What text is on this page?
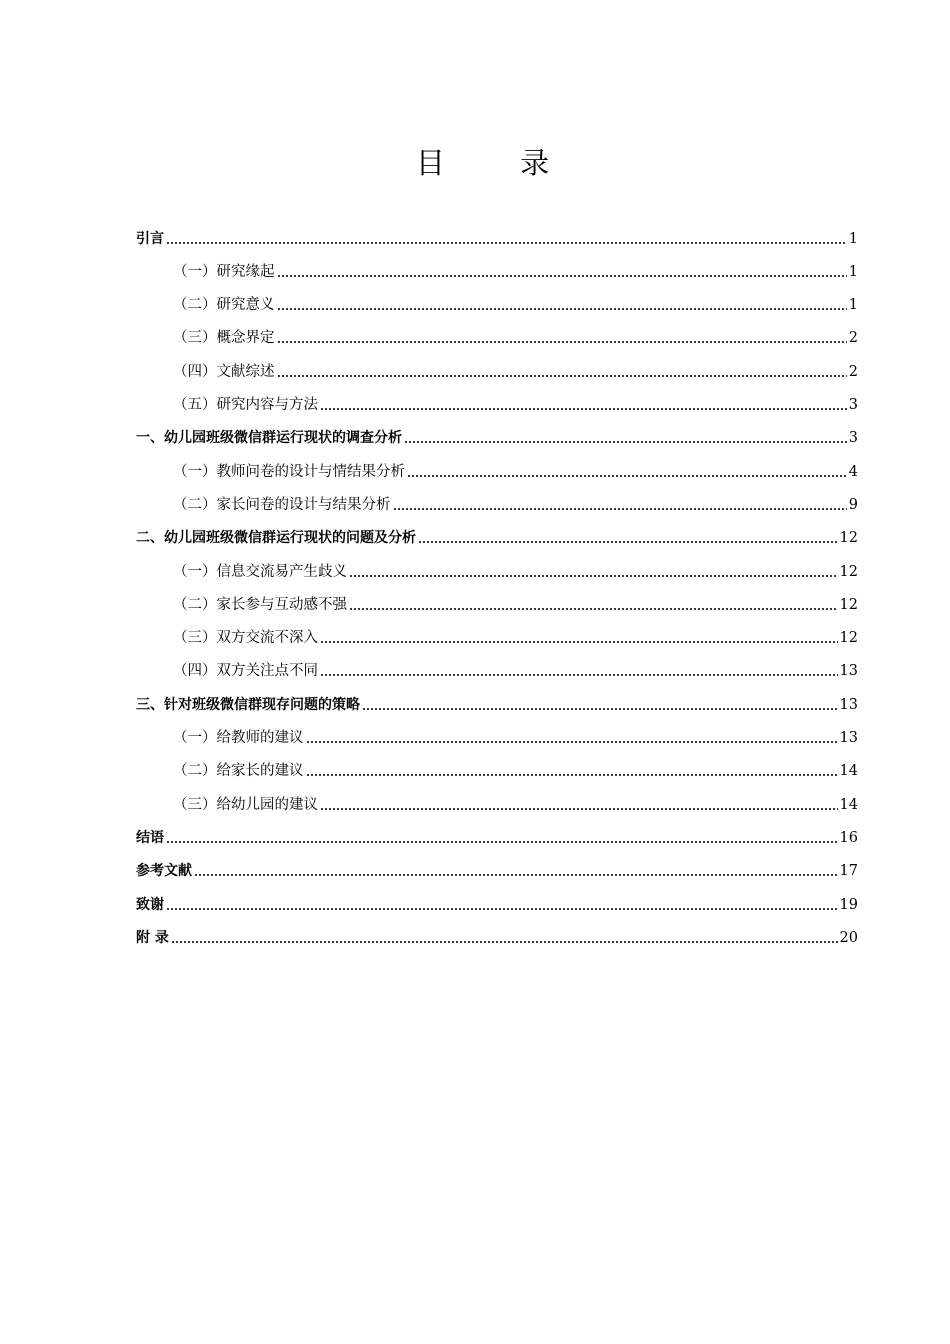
目 录
引言	1
（一）研究缘起	1
（二）研究意义	1
（三）概念界定	2
（四）文献综述	2
（五）研究内容与方法	3
一、幼儿园班级微信群运行现状的调查分析	3
（一）教师问卷的设计与情结果分析	4
（二）家长问卷的设计与结果分析	9
二、幼儿园班级微信群运行现状的问题及分析	12
（一）信息交流易产生歧义	12
（二）家长参与互动感不强	12
（三）双方交流不深入	12
（四）双方关注点不同	13
三、针对班级微信群现存问题的策略	13
（一）给教师的建议	13
（二）给家长的建议	14
（三）给幼儿园的建议	14
结语	16
参考文献	17
致谢	19
附 录	20
